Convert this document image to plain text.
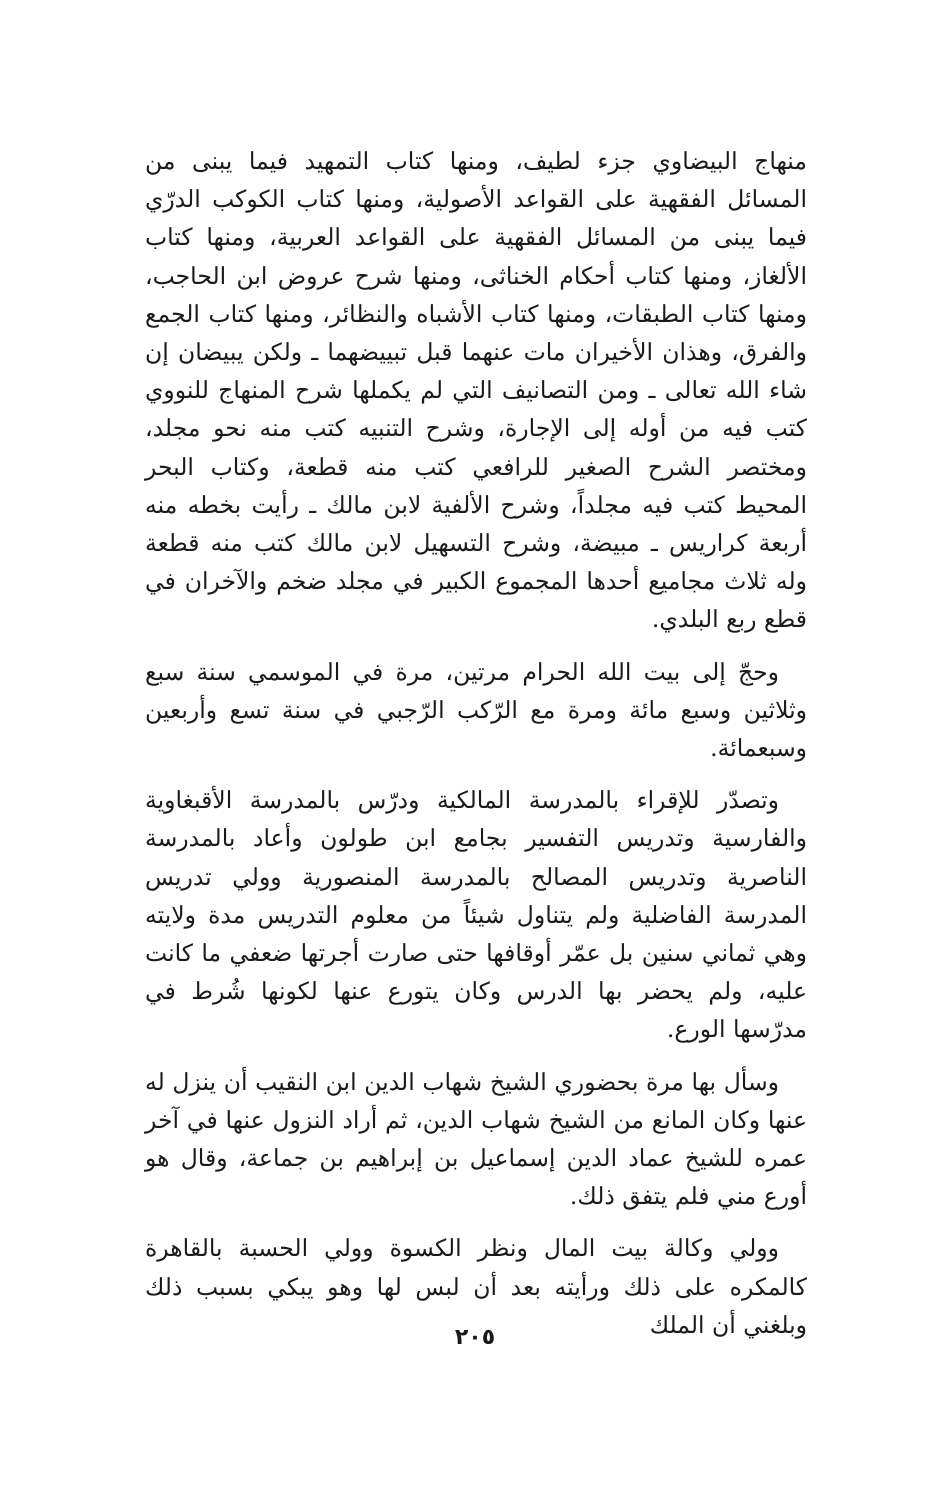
منهاج البيضاوي جزء لطيف، ومنها كتاب التمهيد فيما يبنى من المسائل الفقهية على القواعد الأصولية، ومنها كتاب الكوكب الدرّي فيما يبنى من المسائل الفقهية على القواعد العربية، ومنها كتاب الألغاز، ومنها كتاب أحكام الخناثى، ومنها شرح عروض ابن الحاجب، ومنها كتاب الطبقات، ومنها كتاب الأشباه والنظائر، ومنها كتاب الجمع والفرق، وهذان الأخيران مات عنهما قبل تبييضهما ـ ولكن يبيضان إن شاء الله تعالى ـ ومن التصانيف التي لم يكملها شرح المنهاج للنووي كتب فيه من أوله إلى الإجارة، وشرح التنبيه كتب منه نحو مجلد، ومختصر الشرح الصغير للرافعي كتب منه قطعة، وكتاب البحر المحيط كتب فيه مجلداً، وشرح الألفية لابن مالك ـ رأيت بخطه منه أربعة كراريس ـ مبيضة، وشرح التسهيل لابن مالك كتب منه قطعة وله ثلاث مجاميع أحدها المجموع الكبير في مجلد ضخم والآخران في قطع ربع البلدي.

وحجّ إلى بيت الله الحرام مرتين، مرة في الموسمي سنة سبع وثلاثين وسبع مائة ومرة مع الرّكب الرّجبي في سنة تسع وأربعين وسبعمائة.

وتصدّر للإقراء بالمدرسة المالكية ودرّس بالمدرسة الأقبغاوية والفارسية وتدريس التفسير بجامع ابن طولون وأعاد بالمدرسة الناصرية وتدريس المصالح بالمدرسة المنصورية وولي تدريس المدرسة الفاضلية ولم يتناول شيئاً من معلوم التدريس مدة ولايته وهي ثماني سنين بل عمّر أوقافها حتى صارت أجرتها ضعفي ما كانت عليه، ولم يحضر بها الدرس وكان يتورع عنها لكونها شُرط في مدرّسها الورع.

وسأل بها مرة بحضوري الشيخ شهاب الدين ابن النقيب أن ينزل له عنها وكان المانع من الشيخ شهاب الدين، ثم أراد النزول عنها في آخر عمره للشيخ عماد الدين إسماعيل بن إبراهيم بن جماعة، وقال هو أورع مني فلم يتفق ذلك.

وولي وكالة بيت المال ونظر الكسوة وولي الحسبة بالقاهرة كالمكره على ذلك ورأيته بعد أن لبس لها وهو يبكي بسبب ذلك وبلغني أن الملك

٢٠٥
